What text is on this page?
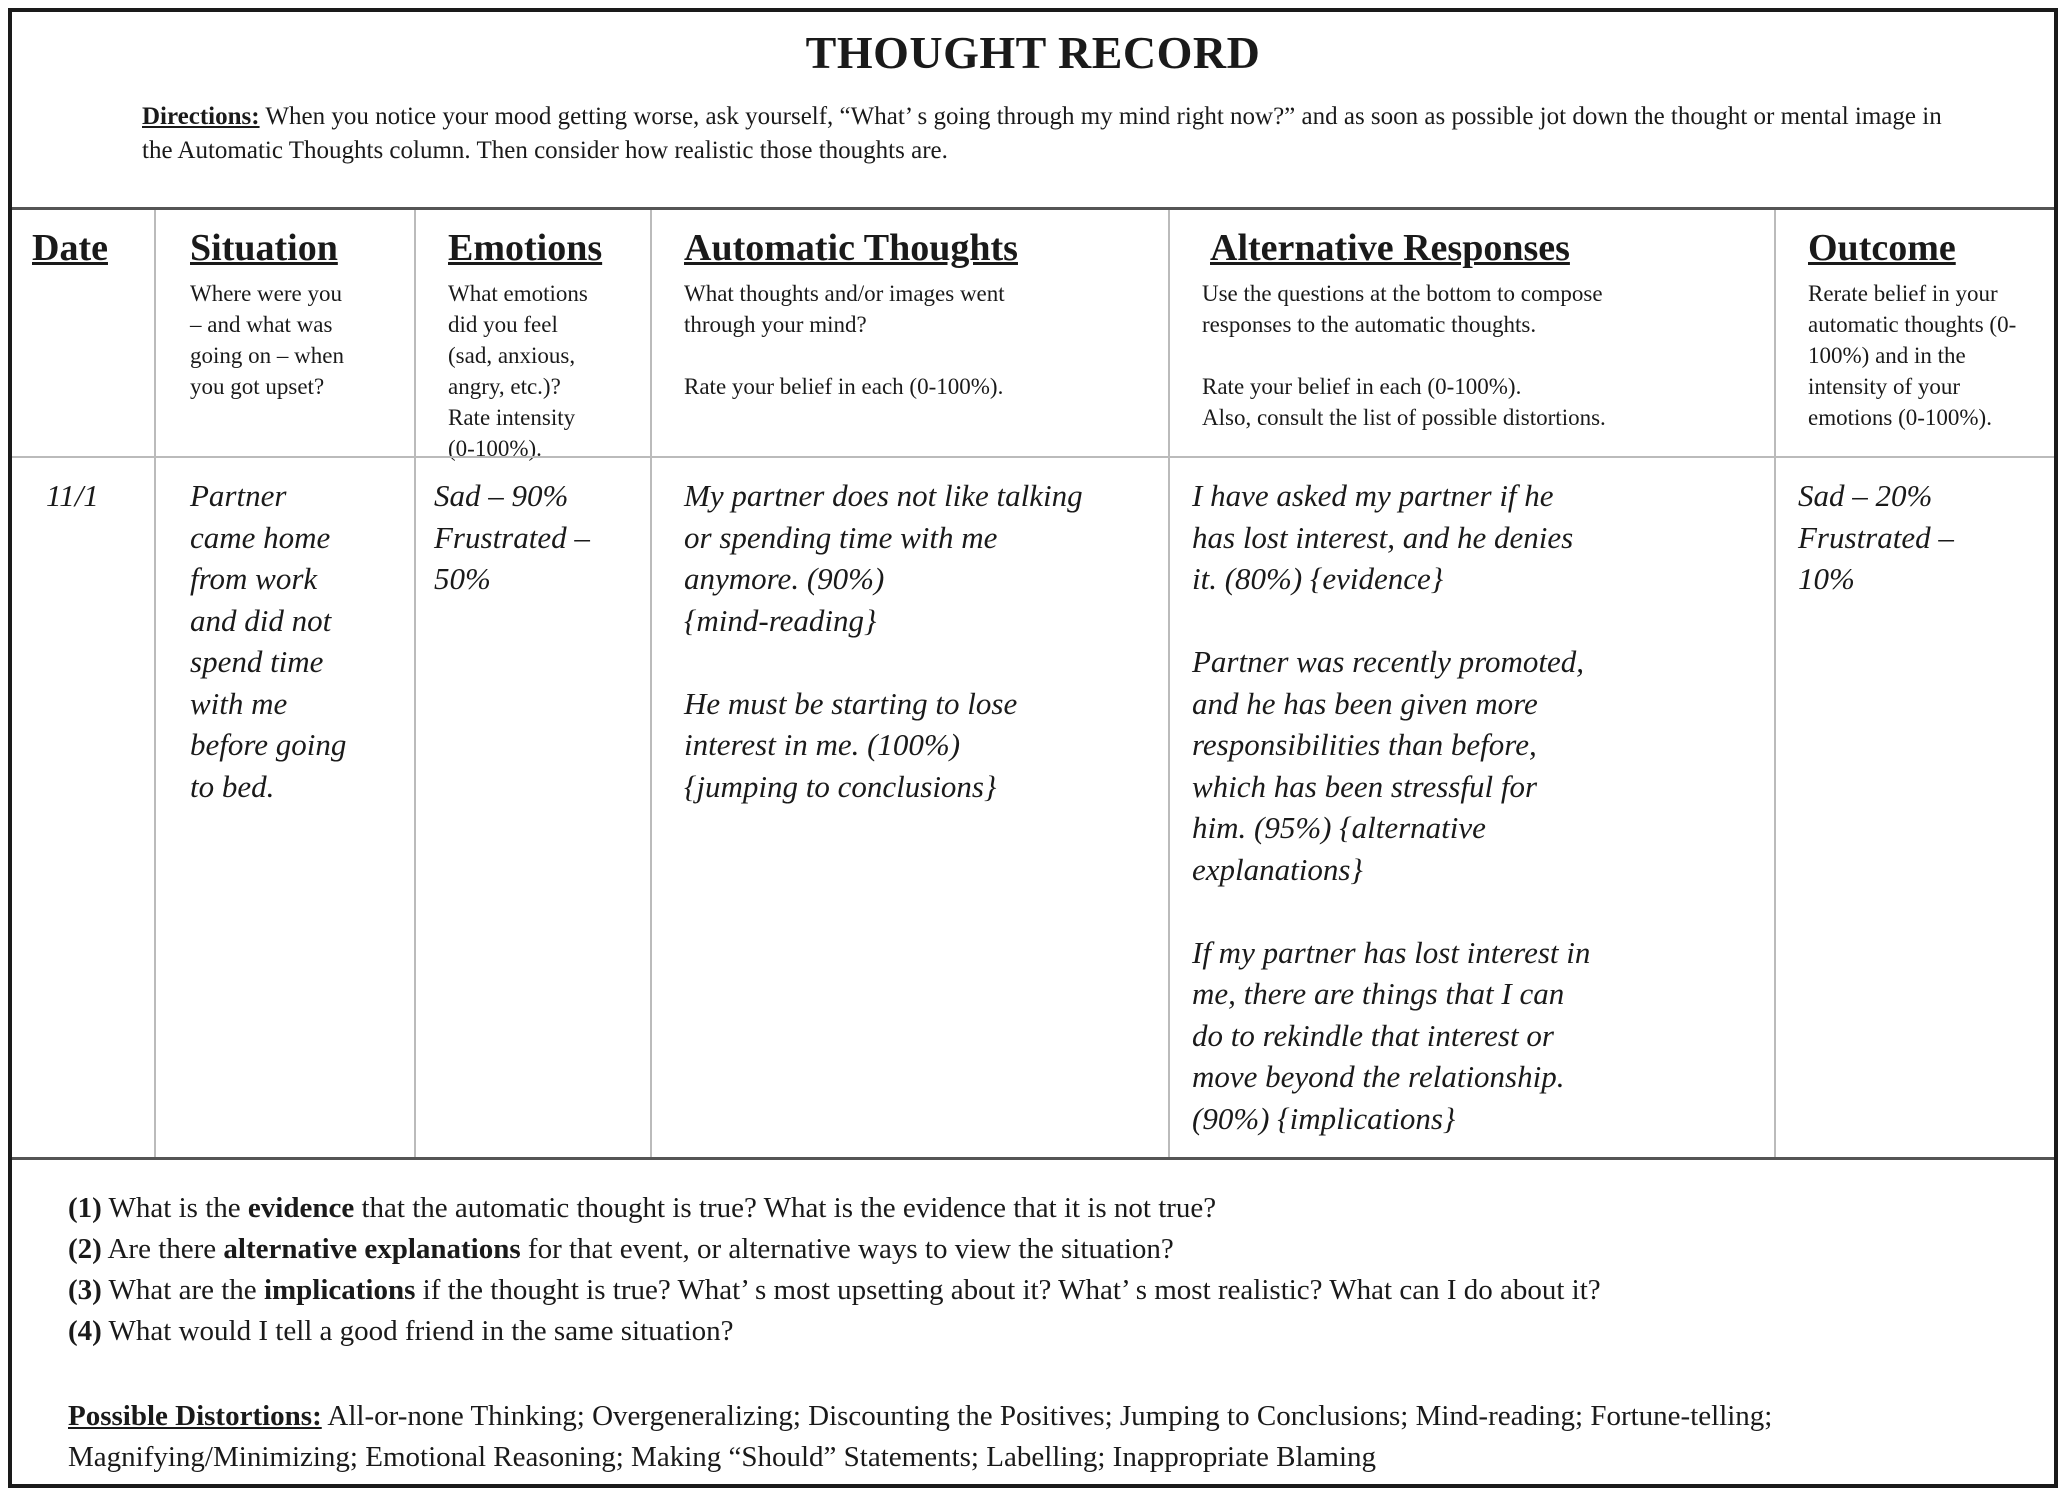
THOUGHT RECORD
Directions: When you notice your mood getting worse, ask yourself, “What’ s going through my mind right now?” and as soon as possible jot down the thought or mental image in the Automatic Thoughts column. Then consider how realistic those thoughts are.
Date
11/1
Situation
Where were you
– and what was
going on – when
you got upset?
Partner
came home
from work
and did not
spend time
with me
before going
to bed.
Emotions
What emotions
did you feel
(sad, anxious,
angry, etc.)?
Rate intensity
(0-100%).
Sad – 90%
Frustrated –
50%
Automatic Thoughts
What thoughts and/or images went
through your mind?

Rate your belief in each (0-100%).
My partner does not like talking
or spending time with me
anymore. (90%)
{mind-reading}

He must be starting to lose
interest in me. (100%)
{jumping to conclusions}
Alternative Responses
Use the questions at the bottom to compose
responses to the automatic thoughts.

Rate your belief in each (0-100%).
Also, consult the list of possible distortions.
I have asked my partner if he
has lost interest, and he denies
it. (80%) {evidence}

Partner was recently promoted,
and he has been given more
responsibilities than before,
which has been stressful for
him. (95%) {alternative
explanations}

If my partner has lost interest in
me, there are things that I can
do to rekindle that interest or
move beyond the relationship.
(90%) {implications}
Outcome
Rerate belief in your
automatic thoughts (0-
100%) and in the
intensity of your
emotions (0-100%).
Sad – 20%
Frustrated –
10%
(1) What is the evidence that the automatic thought is true? What is the evidence that it is not true?
(2) Are there alternative explanations for that event, or alternative ways to view the situation?
(3) What are the implications if the thought is true? What’ s most upsetting about it? What’ s most realistic? What can I do about it?
(4) What would I tell a good friend in the same situation?
Possible Distortions: All-or-none Thinking; Overgeneralizing; Discounting the Positives; Jumping to Conclusions; Mind-reading; Fortune-telling; Magnifying/Minimizing; Emotional Reasoning; Making “Should” Statements; Labelling; Inappropriate Blaming
